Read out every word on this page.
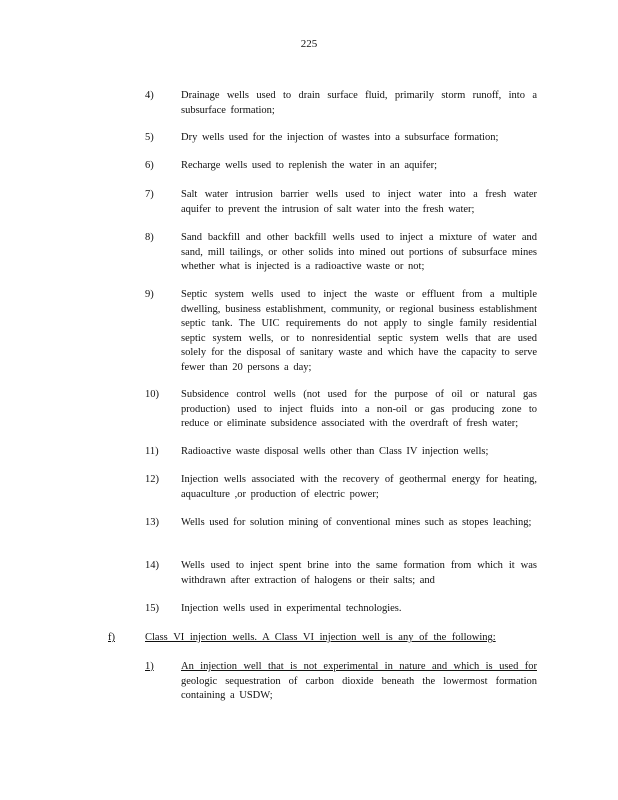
225
4)	Drainage wells used to drain surface fluid, primarily storm runoff, into a subsurface formation;
5)	Dry wells used for the injection of wastes into a subsurface formation;
6)	Recharge wells used to replenish the water in an aquifer;
7)	Salt water intrusion barrier wells used to inject water into a fresh water aquifer to prevent the intrusion of salt water into the fresh water;
8)	Sand backfill and other backfill wells used to inject a mixture of water and sand, mill tailings, or other solids into mined out portions of subsurface mines whether what is injected is a radioactive waste or not;
9)	Septic system wells used to inject the waste or effluent from a multiple dwelling, business establishment, community, or regional business establishment septic tank. The UIC requirements do not apply to single family residential septic system wells, or to nonresidential septic system wells that are used solely for the disposal of sanitary waste and which have the capacity to serve fewer than 20 persons a day;
10)	Subsidence control wells (not used for the purpose of oil or natural gas production) used to inject fluids into a non-oil or gas producing zone to reduce or eliminate subsidence associated with the overdraft of fresh water;
11)	Radioactive waste disposal wells other than Class IV injection wells;
12)	Injection wells associated with the recovery of geothermal energy for heating, aquaculture ,or production of electric power;
13)	Wells used for solution mining of conventional mines such as stopes leaching;
14)	Wells used to inject spent brine into the same formation from which it was withdrawn after extraction of halogens or their salts; and
15)	Injection wells used in experimental technologies.
f)	Class VI injection wells. A Class VI injection well is any of the following:
1)	An injection well that is not experimental in nature and which is used for geologic sequestration of carbon dioxide beneath the lowermost formation containing a USDW;
